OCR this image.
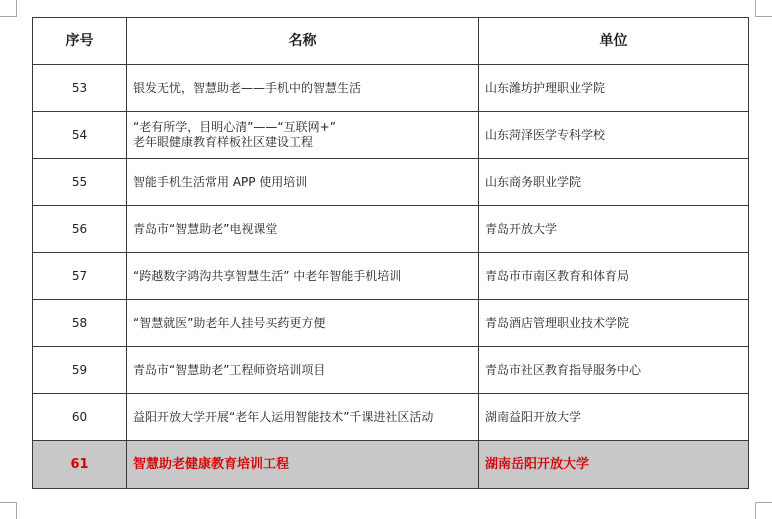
序号	名称	单位
53	银发无忧，智慧助老——手机中的智慧生活	山东潍坊护理职业学院
54	“老有所学，目明心清”——“互联网+”
老年眼健康教育样板社区建设工程	山东菏泽医学专科学校
55	智能手机生活常用 APP 使用培训	山东商务职业学院
56	青岛市“智慧助老”电视课堂	青岛开放大学
57	“跨越数字鸿沟共享智慧生活” 中老年智能手机培训	青岛市市南区教育和体育局
58	“智慧就医”助老年人挂号买药更方便	青岛酒店管理职业技术学院
59	青岛市“智慧助老”工程师资培训项目	青岛市社区教育指导服务中心
60	益阳开放大学开展“老年人运用智能技术”千课进社区活动	湖南益阳开放大学
61	智慧助老健康教育培训工程	湖南岳阳开放大学
